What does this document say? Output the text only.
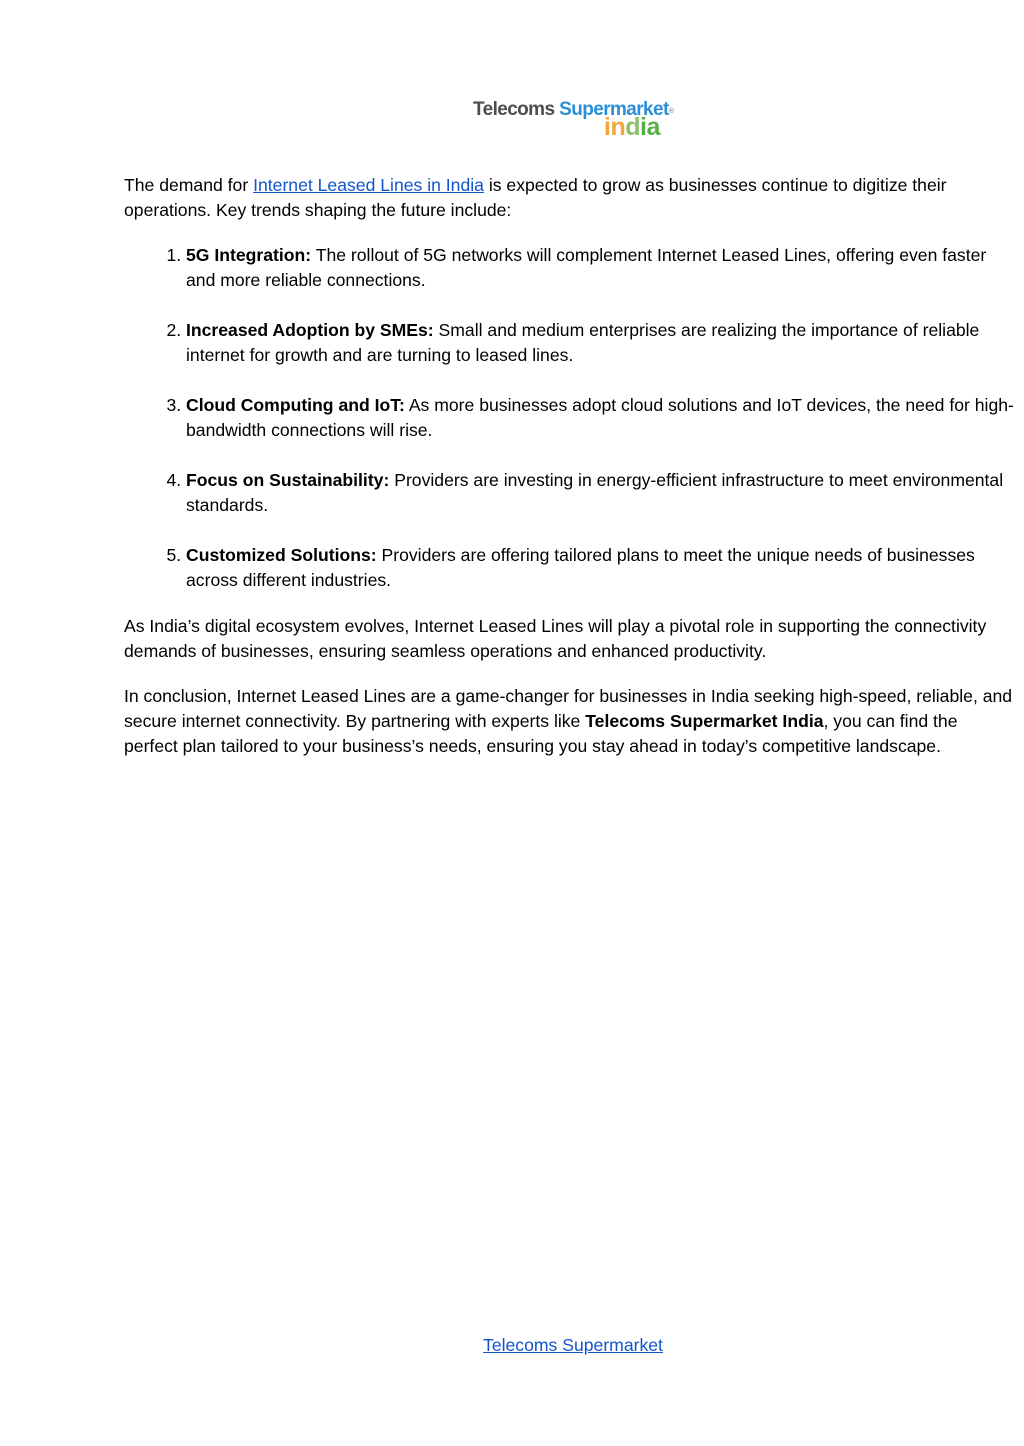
Telecoms Supermarket®
india

The demand for Internet Leased Lines in India is expected to grow as businesses continue to digitize their operations. Key trends shaping the future include:

1. 5G Integration: The rollout of 5G networks will complement Internet Leased Lines, offering even faster and more reliable connections.
2. Increased Adoption by SMEs: Small and medium enterprises are realizing the importance of reliable internet for growth and are turning to leased lines.
3. Cloud Computing and IoT: As more businesses adopt cloud solutions and IoT devices, the need for high-bandwidth connections will rise.
4. Focus on Sustainability: Providers are investing in energy-efficient infrastructure to meet environmental standards.
5. Customized Solutions: Providers are offering tailored plans to meet the unique needs of businesses across different industries.

As India’s digital ecosystem evolves, Internet Leased Lines will play a pivotal role in supporting the connectivity demands of businesses, ensuring seamless operations and enhanced productivity.

In conclusion, Internet Leased Lines are a game-changer for businesses in India seeking high-speed, reliable, and secure internet connectivity. By partnering with experts like Telecoms Supermarket India, you can find the perfect plan tailored to your business’s needs, ensuring you stay ahead in today’s competitive landscape.

Telecoms Supermarket
